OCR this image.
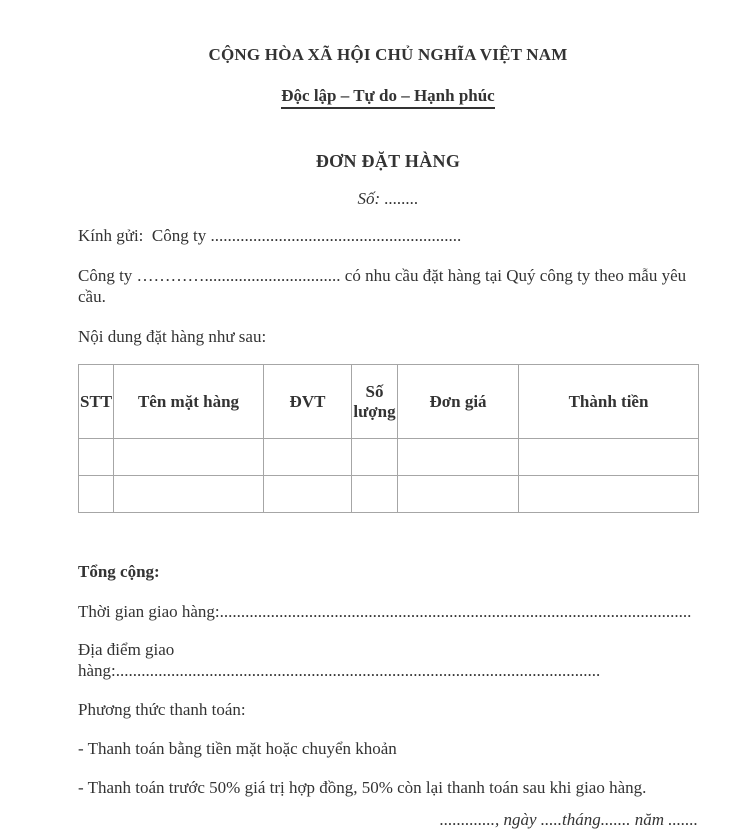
CỘNG HÒA XÃ HỘI CHỦ NGHĨA VIỆT NAM

Độc lập – Tự do – Hạnh phúc

ĐƠN ĐẶT HÀNG

Số: ........

Kính gửi:  Công ty ...........................................................

Công ty …………................................ có nhu cầu đặt hàng tại Quý công ty theo mẫu yêu cầu.

Nội dung đặt hàng như sau:

STT	Tên mặt hàng	ĐVT	Số lượng	Đơn giá	Thành tiền

Tổng cộng:

Thời gian giao hàng:...............................................................................................................

Địa điểm giao hàng:..................................................................................................................

Phương thức thanh toán:

- Thanh toán bằng tiền mặt hoặc chuyển khoản

- Thanh toán trước 50% giá trị hợp đồng, 50% còn lại thanh toán sau khi giao hàng.

............., ngày .....tháng....... năm .......
